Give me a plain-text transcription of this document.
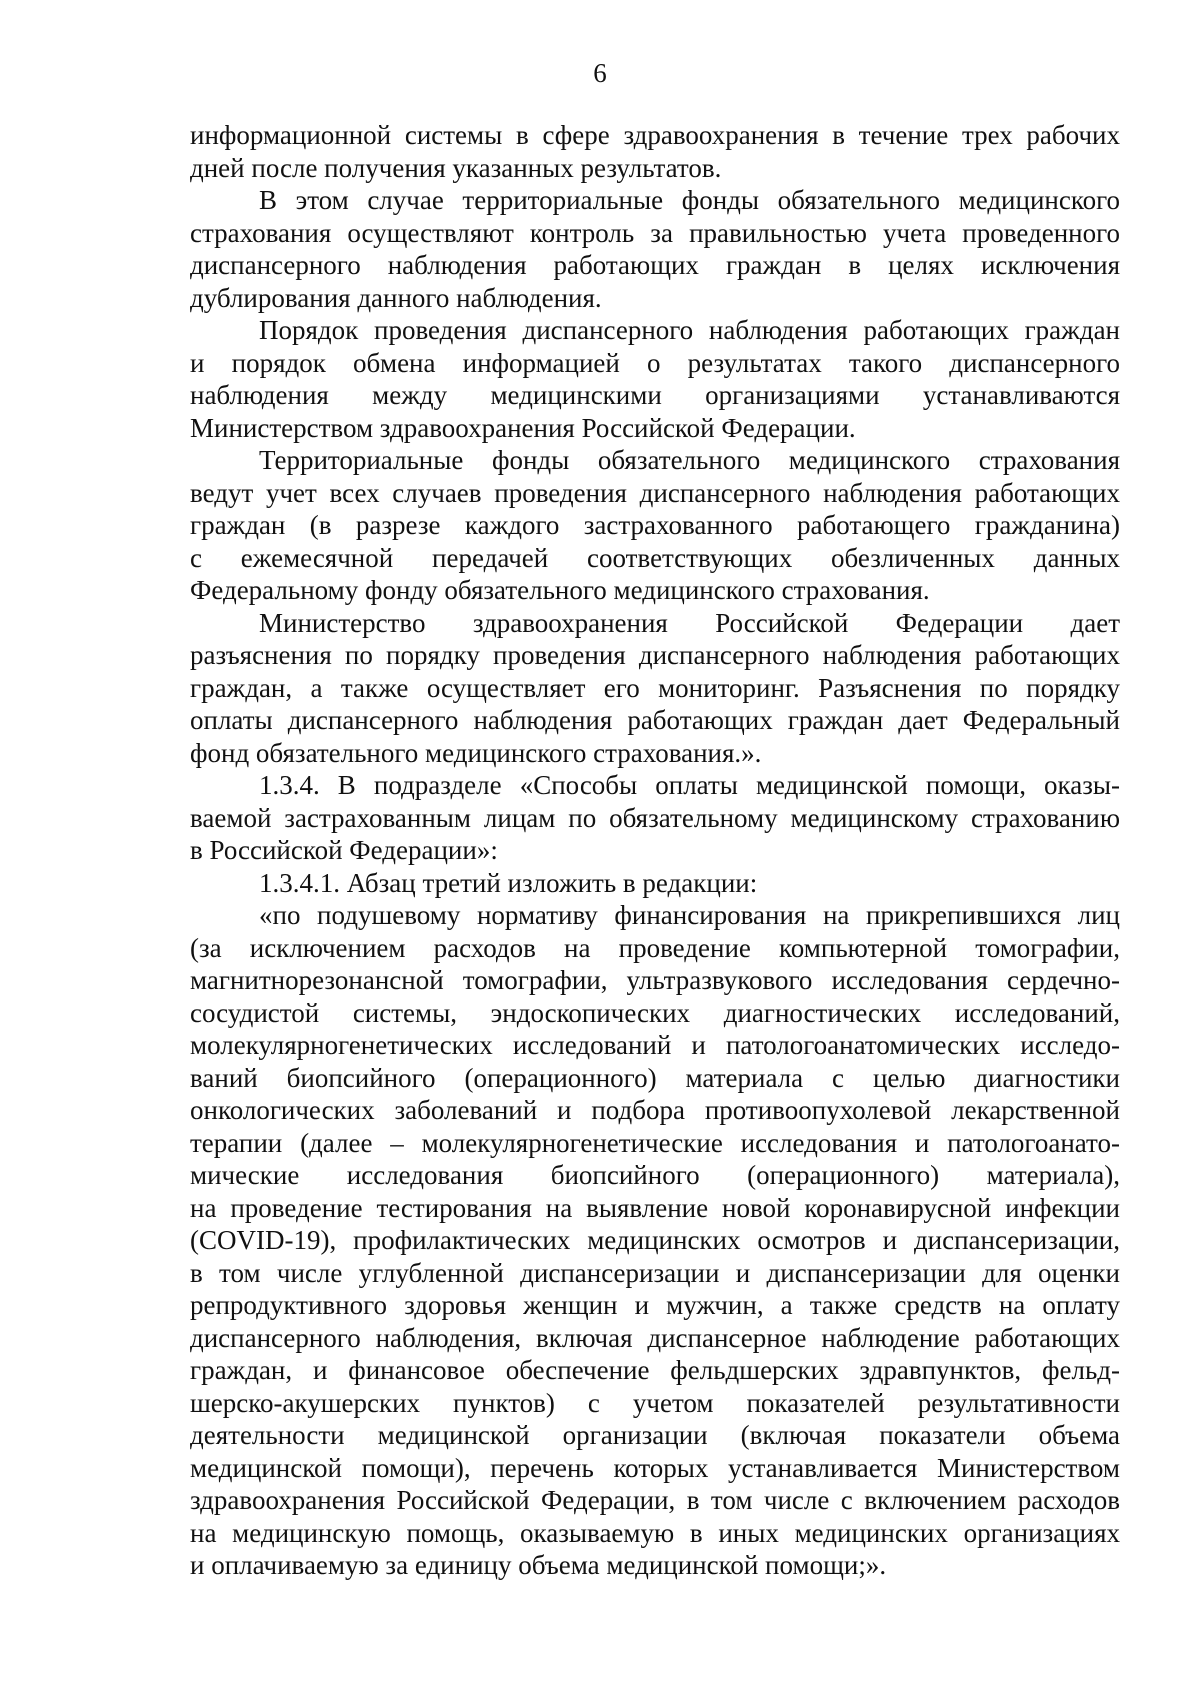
6

информационной системы в сфере здравоохранения в течение трех рабочих
дней после получения указанных результатов.

В этом случае территориальные фонды обязательного медицинского
страхования осуществляют контроль за правильностью учета проведенного
диспансерного наблюдения работающих граждан в целях исключения
дублирования данного наблюдения.

Порядок проведения диспансерного наблюдения работающих граждан
и порядок обмена информацией о результатах такого диспансерного
наблюдения между медицинскими организациями устанавливаются
Министерством здравоохранения Российской Федерации.

Территориальные фонды обязательного медицинского страхования
ведут учет всех случаев проведения диспансерного наблюдения работающих
граждан (в разрезе каждого застрахованного работающего гражданина)
с ежемесячной передачей соответствующих обезличенных данных
Федеральному фонду обязательного медицинского страхования.

Министерство здравоохранения Российской Федерации дает
разъяснения по порядку проведения диспансерного наблюдения работающих
граждан, а также осуществляет его мониторинг. Разъяснения по порядку
оплаты диспансерного наблюдения работающих граждан дает Федеральный
фонд обязательного медицинского страхования.».

1.3.4. В подразделе «Способы оплаты медицинской помощи, оказы-
ваемой застрахованным лицам по обязательному медицинскому страхованию
в Российской Федерации»:

1.3.4.1. Абзац третий изложить в редакции:

«по подушевому нормативу финансирования на прикрепившихся лиц
(за исключением расходов на проведение компьютерной томографии,
магнитнорезонансной томографии, ультразвукового исследования сердечно-
сосудистой системы, эндоскопических диагностических исследований,
молекулярногенетических исследований и патологоанатомических исследо-
ваний биопсийного (операционного) материала с целью диагностики
онкологических заболеваний и подбора противоопухолевой лекарственной
терапии (далее – молекулярногенетические исследования и патологоанато-
мические исследования биопсийного (операционного) материала),
на проведение тестирования на выявление новой коронавирусной инфекции
(COVID-19), профилактических медицинских осмотров и диспансеризации,
в том числе углубленной диспансеризации и диспансеризации для оценки
репродуктивного здоровья женщин и мужчин, а также средств на оплату
диспансерного наблюдения, включая диспансерное наблюдение работающих
граждан, и финансовое обеспечение фельдшерских здравпунктов, фельд-
шерско-акушерских пунктов) с учетом показателей результативности
деятельности медицинской организации (включая показатели объема
медицинской помощи), перечень которых устанавливается Министерством
здравоохранения Российской Федерации, в том числе с включением расходов
на медицинскую помощь, оказываемую в иных медицинских организациях
и оплачиваемую за единицу объема медицинской помощи;».
